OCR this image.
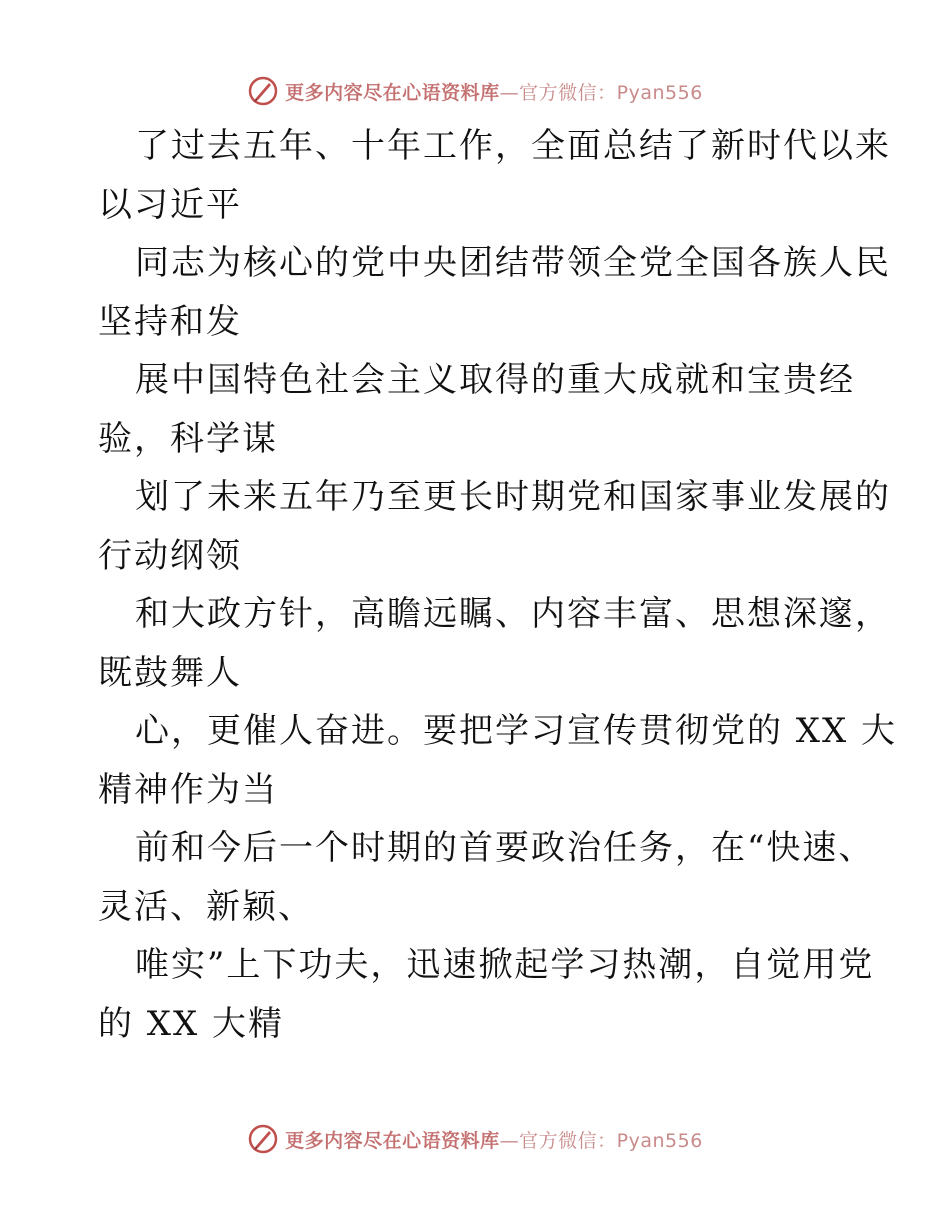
更多内容尽在心语资料库—官方微信：Pyan556
了过去五年、十年工作，全面总结了新时代以来
以习近平
同志为核心的党中央团结带领全党全国各族人民
坚持和发
展中国特色社会主义取得的重大成就和宝贵经
验，科学谋
划了未来五年乃至更长时期党和国家事业发展的
行动纲领
和大政方针，高瞻远瞩、内容丰富、思想深邃，
既鼓舞人
心，更催人奋进。要把学习宣传贯彻党的 XX 大
精神作为当
前和今后一个时期的首要政治任务，在“快速、
灵活、新颖、
唯实”上下功夫，迅速掀起学习热潮，自觉用党
的 XX 大精
更多内容尽在心语资料库—官方微信：Pyan556
